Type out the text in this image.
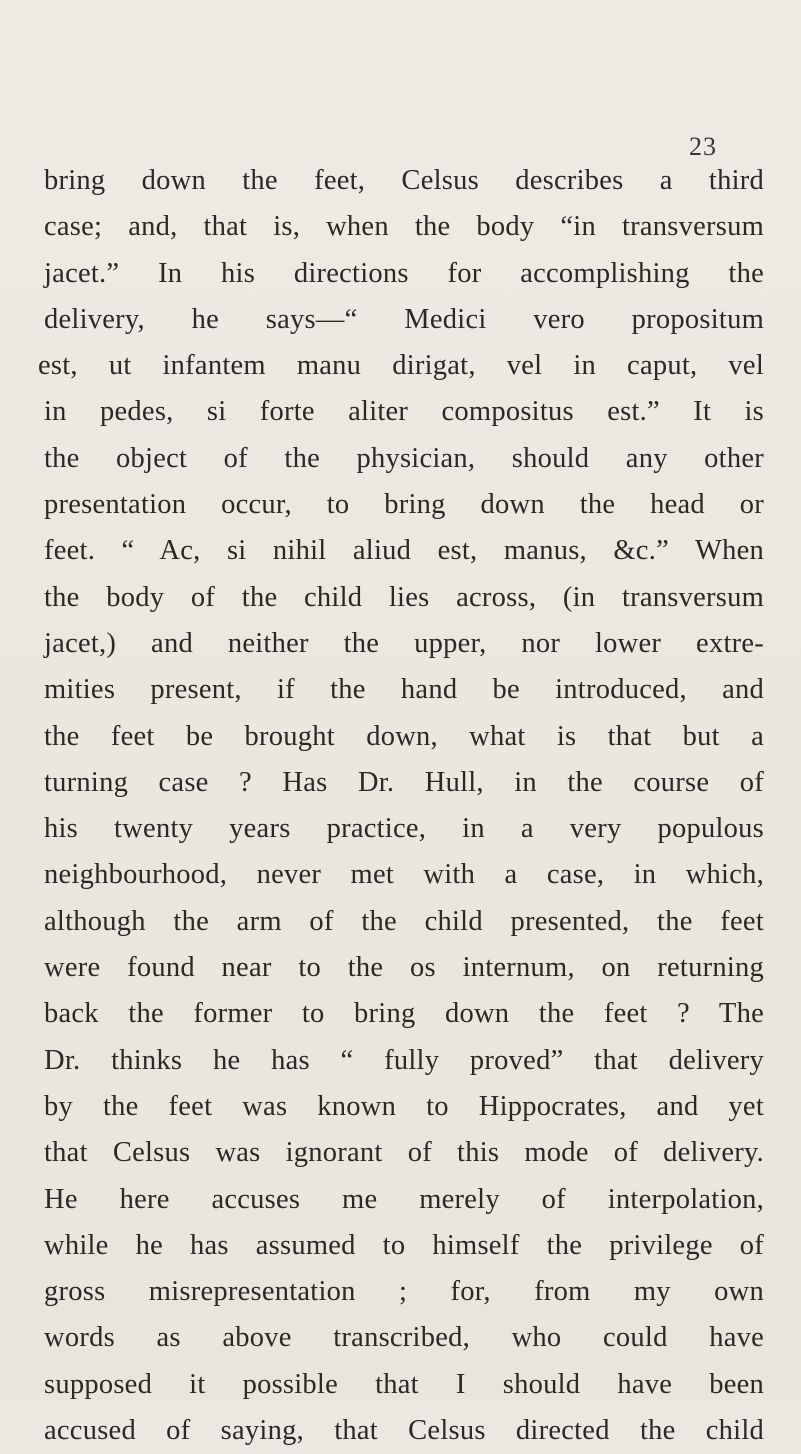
23
bring down the feet, Celsus describes a third
case; and, that is, when the body “in transversum
jacet.” In his directions for accomplishing the
delivery, he says—“ Medici vero propositum
est, ut infantem manu dirigat, vel in caput, vel
in pedes, si forte aliter compositus est.” It is
the object of the physician, should any other
presentation occur, to bring down the head or
feet. “ Ac, si nihil aliud est, manus, &c.” When
the body of the child lies across, (in transversum
jacet,) and neither the upper, nor lower extre-
mities present, if the hand be introduced, and
the feet be brought down, what is that but a
turning case ? Has Dr. Hull, in the course of
his twenty years practice, in a very populous
neighbourhood, never met with a case, in which,
although the arm of the child presented, the feet
were found near to the os internum, on returning
back the former to bring down the feet ? The
Dr. thinks he has “ fully proved” that delivery
by the feet was known to Hippocrates, and yet
that Celsus was ignorant of this mode of delivery.
He here accuses me merely of interpolation,
while he has assumed to himself the privilege of
gross misrepresentation ; for, from my own
words as above transcribed, who could have
supposed it possible that I should have been
accused of saying, that Celsus directed the child
